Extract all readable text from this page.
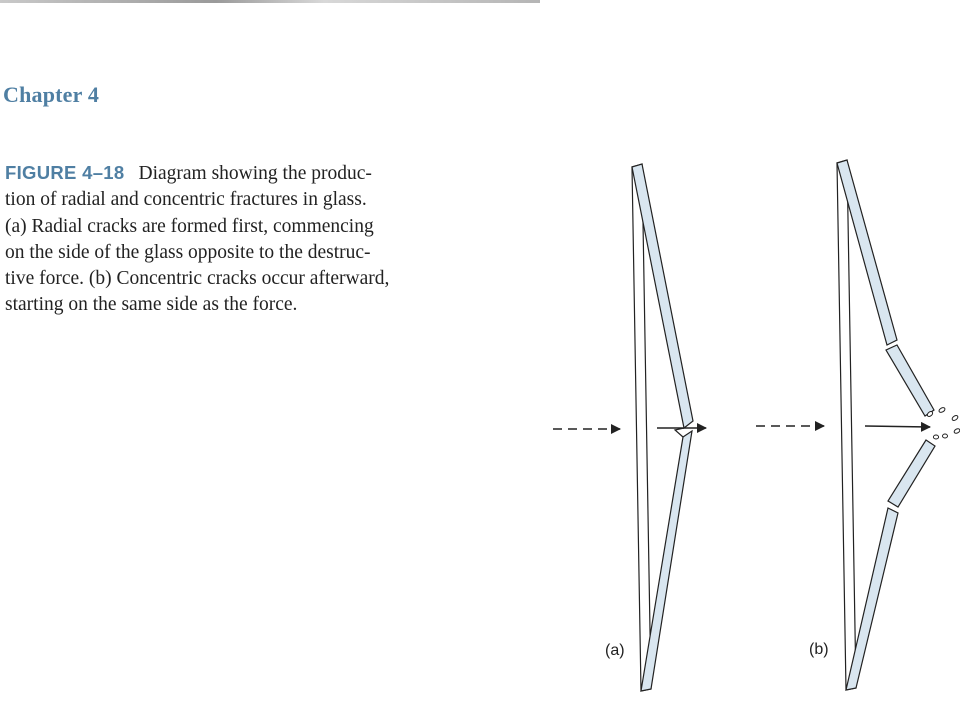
Chapter 4
FIGURE 4–18 Diagram showing the produc-
tion of radial and concentric fractures in glass.
(a) Radial cracks are formed first, commencing
on the side of the glass opposite to the destruc-
tive force. (b) Concentric cracks occur afterward,
starting on the same side as the force.
(a)	(b)
